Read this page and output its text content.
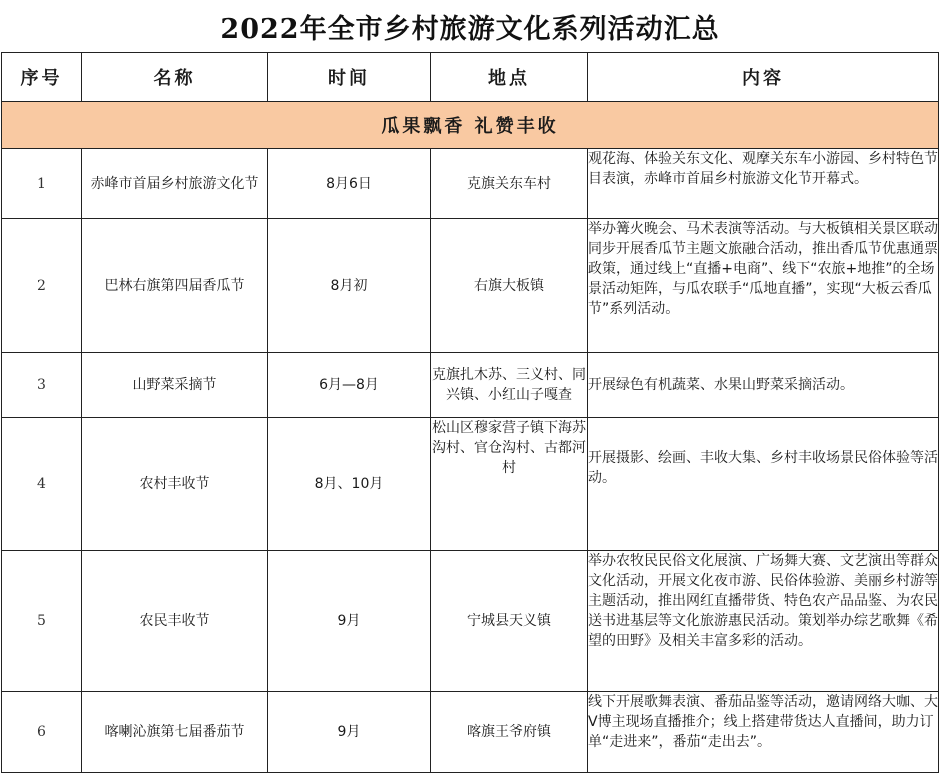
2022年全市乡村旅游文化系列活动汇总
序号	名称	时间	地点	内容
瓜果飘香 礼赞丰收				
1	赤峰市首届乡村旅游文化节	8月6日	克旗关东车村	观花海、体验关东文化、观摩关东车小游园、乡村特色节目表演，赤峰市首届乡村旅游文化节开幕式。
2	巴林右旗第四届香瓜节	8月初	右旗大板镇	举办篝火晚会、马术表演等活动。与大板镇相关景区联动同步开展香瓜节主题文旅融合活动，推出香瓜节优惠通票政策，通过线上“直播+电商”、线下“农旅+地推”的全场景活动矩阵，与瓜农联手“瓜地直播”，实现“大板云香瓜节”系列活动。
3	山野菜采摘节	6月—8月	克旗扎木苏、三义村、同兴镇、小红山子嘎查	开展绿色有机蔬菜、水果山野菜采摘活动。
4	农村丰收节	8月、10月	松山区穆家营子镇下海苏沟村、官仓沟村、古都河村	开展摄影、绘画、丰收大集、乡村丰收场景民俗体验等活动。
5	农民丰收节	9月	宁城县天义镇	举办农牧民民俗文化展演、广场舞大赛、文艺演出等群众文化活动，开展文化夜市游、民俗体验游、美丽乡村游等主题活动，推出网红直播带货、特色农产品品鉴、为农民送书进基层等文化旅游惠民活动。策划举办综艺歌舞《希望的田野》及相关丰富多彩的活动。
6	喀喇沁旗第七届番茄节	9月	喀旗王爷府镇	线下开展歌舞表演、番茄品鉴等活动，邀请网络大咖、大V博主现场直播推介；线上搭建带货达人直播间，助力订单“走进来”，番茄“走出去”。
